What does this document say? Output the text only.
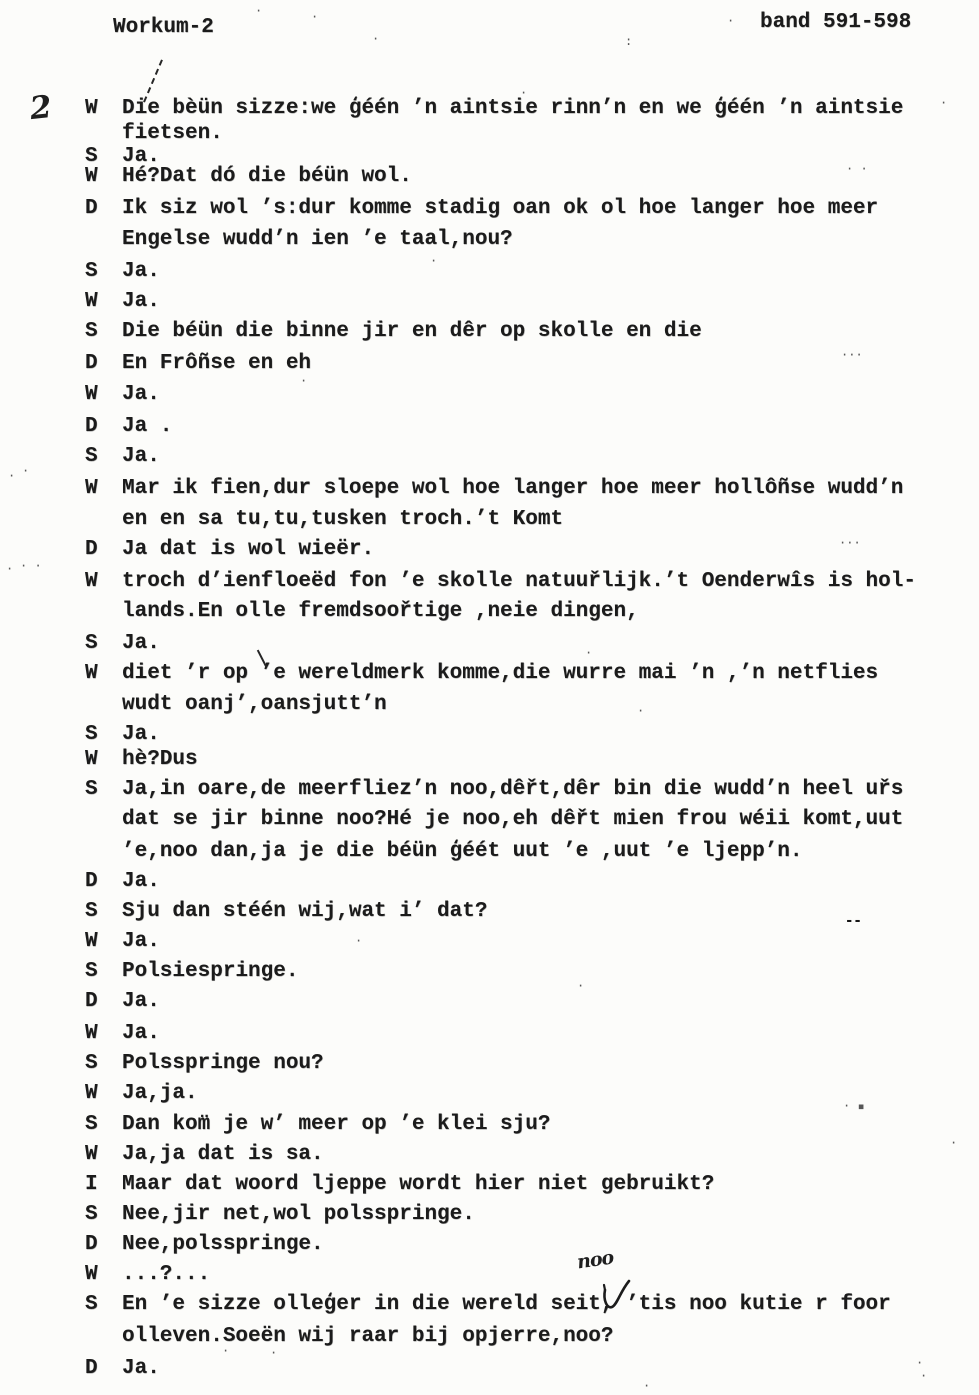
Workum-2	band 591-598
2 W Die bèün sizze:we ģéén ’n aintsie rinn’n en we ģéén ’n aintsie
fietsen.
S Ja.
W Hé?Dat dó die béün wol.
D Ik siz wol ’s:dur komme stadig oan ok ol hoe langer hoe meer
Engelse wudd’n ien ’e taal,nou?
S Ja.
W Ja.
S Die béün die binne jir en dêr op skolle en die
D En Frôñse en eh
W Ja.
D Ja .
S Ja.
W Mar ik fien,dur sloepe wol hoe langer hoe meer hollôñse wudd’n
en en sa tu,tu,tusken troch.’t Komt
D Ja dat is wol wieër.
W troch d’ienfloeëd fon ’e skolle natuuřlijk.’t Oenderwîs is hol-
lands.En olle fremdsoořtige ,neie dingen,
S Ja.
W diet ’r op ’e wereldmerk komme,die wurre mai ’n ,’n netflies
wudt oanj’,oansjutt’n
S Ja.
W hè?Dus
S Ja,in oare,de meerfliez’n noo,dêřt,dêr bin die wudd’n heel uřs
dat se jir binne noo?Hé je noo,eh dêřt mien frou wéii komt,uut
’e,noo dan,ja je die béün ģéét uut ’e ,uut ’e ljepp’n.
D Ja.
S Sju dan stéén wij,wat i’ dat?
W Ja.
S Polsiespringe.
D Ja.
W Ja.
S Polsspringe nou?
W Ja,ja.
S Dan kom̈ je w’ meer op ’e klei sju?
W Ja,ja dat is sa.
I Maar dat woord ljeppe wordt hier niet gebruikt?
S Nee,jir net,wol polsspringe.
D Nee,polsspringe.
W ...?...
S En ’e sizze olleģer in die wereld seit, ’tis noo kutie r foor
olleven.Soeën wij raar bij opjerre,noo?
D Ja.
noo
·	·
·
·
·
·
:
· ·
·
···
·
· ·
···
· · ·
·
·
--
·
·
· ▪
·
·	·
·
·
·
